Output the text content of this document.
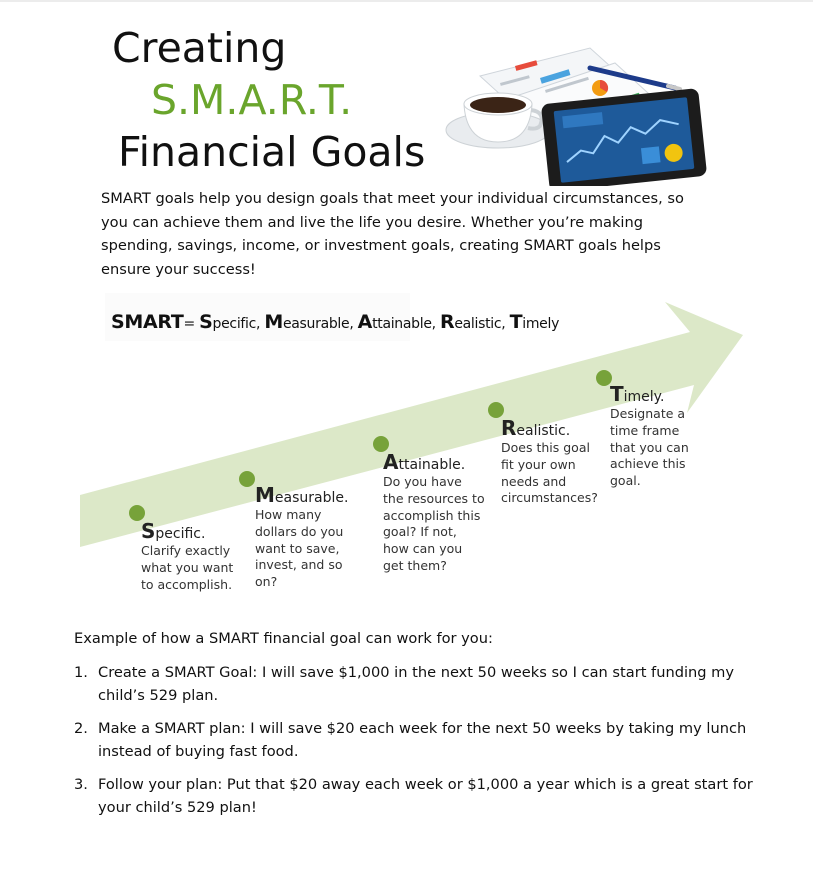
Creating
S.M.A.R.T.
Financial Goals
SMART goals help you design goals that meet your individual circumstances, so you can achieve them and live the life you desire. Whether you’re making spending, savings, income, or investment goals, creating SMART goals helps ensure your success!
SMART= Specific, Measurable, Attainable, Realistic, Timely
Specific.
Clarify exactly
what you want
to accomplish.
Measurable.
How many
dollars do you
want to save,
invest, and so
on?
Attainable.
Do you have
the resources to
accomplish this
goal? If not,
how can you
get them?
Realistic.
Does this goal
fit your own
needs and
circumstances?
Timely.
Designate a
time frame
that you can
achieve this
goal.
Example of how a SMART financial goal can work for you:
1. Create a SMART Goal: I will save $1,000 in the next 50 weeks so I can start funding my child’s 529 plan.
2. Make a SMART plan: I will save $20 each week for the next 50 weeks by taking my lunch instead of buying fast food.
3. Follow your plan: Put that $20 away each week or $1,000 a year which is a great start for your child’s 529 plan!
